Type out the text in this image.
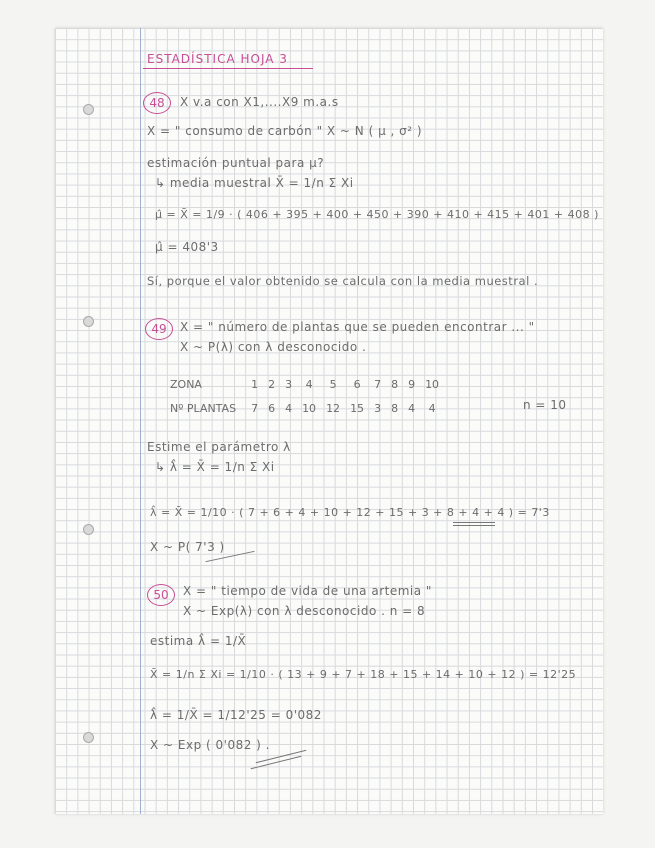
ESTADÍSTICA HOJA 3
48	X v.a con X1,....X9 m.a.s
X = " consumo de carbón " X ~ N ( µ , σ² )
estimación puntual para µ?
↳ media muestral X̄ = 1/n Σ Xi
µ̂ = X̄ = 1/9 · ( 406 + 395 + 400 + 450 + 390 + 410 + 415 + 401 + 408 )
µ̂ = 408'3
Sí, porque el valor obtenido se calcula con la media muestral .
49	X = " número de plantas que se pueden encontrar ... "
X ~ P(λ) con λ desconocido .
ZONA	1	2	3	4	5	6	7	8	9	10
Nº PLANTAS	7	6	4	10	12	15	3	8	4	4	n = 10
Estime el parámetro λ
↳ λ̂ = X̄ = 1/n Σ Xi
λ̂ = X̄ = 1/10 · ( 7 + 6 + 4 + 10 + 12 + 15 + 3 + 8 + 4 + 4 ) = 7'3
X ~ P( 7'3 )
50	X = " tiempo de vida de una artemia "
X ~ Exp(λ) con λ desconocido . n = 8
estima λ̂ = 1/X̄
X̄ = 1/n Σ Xi = 1/10 · ( 13 + 9 + 7 + 18 + 15 + 14 + 10 + 12 ) = 12'25
λ̂ = 1/X̄ = 1/12'25 = 0'082
X ~ Exp ( 0'082 ) .
